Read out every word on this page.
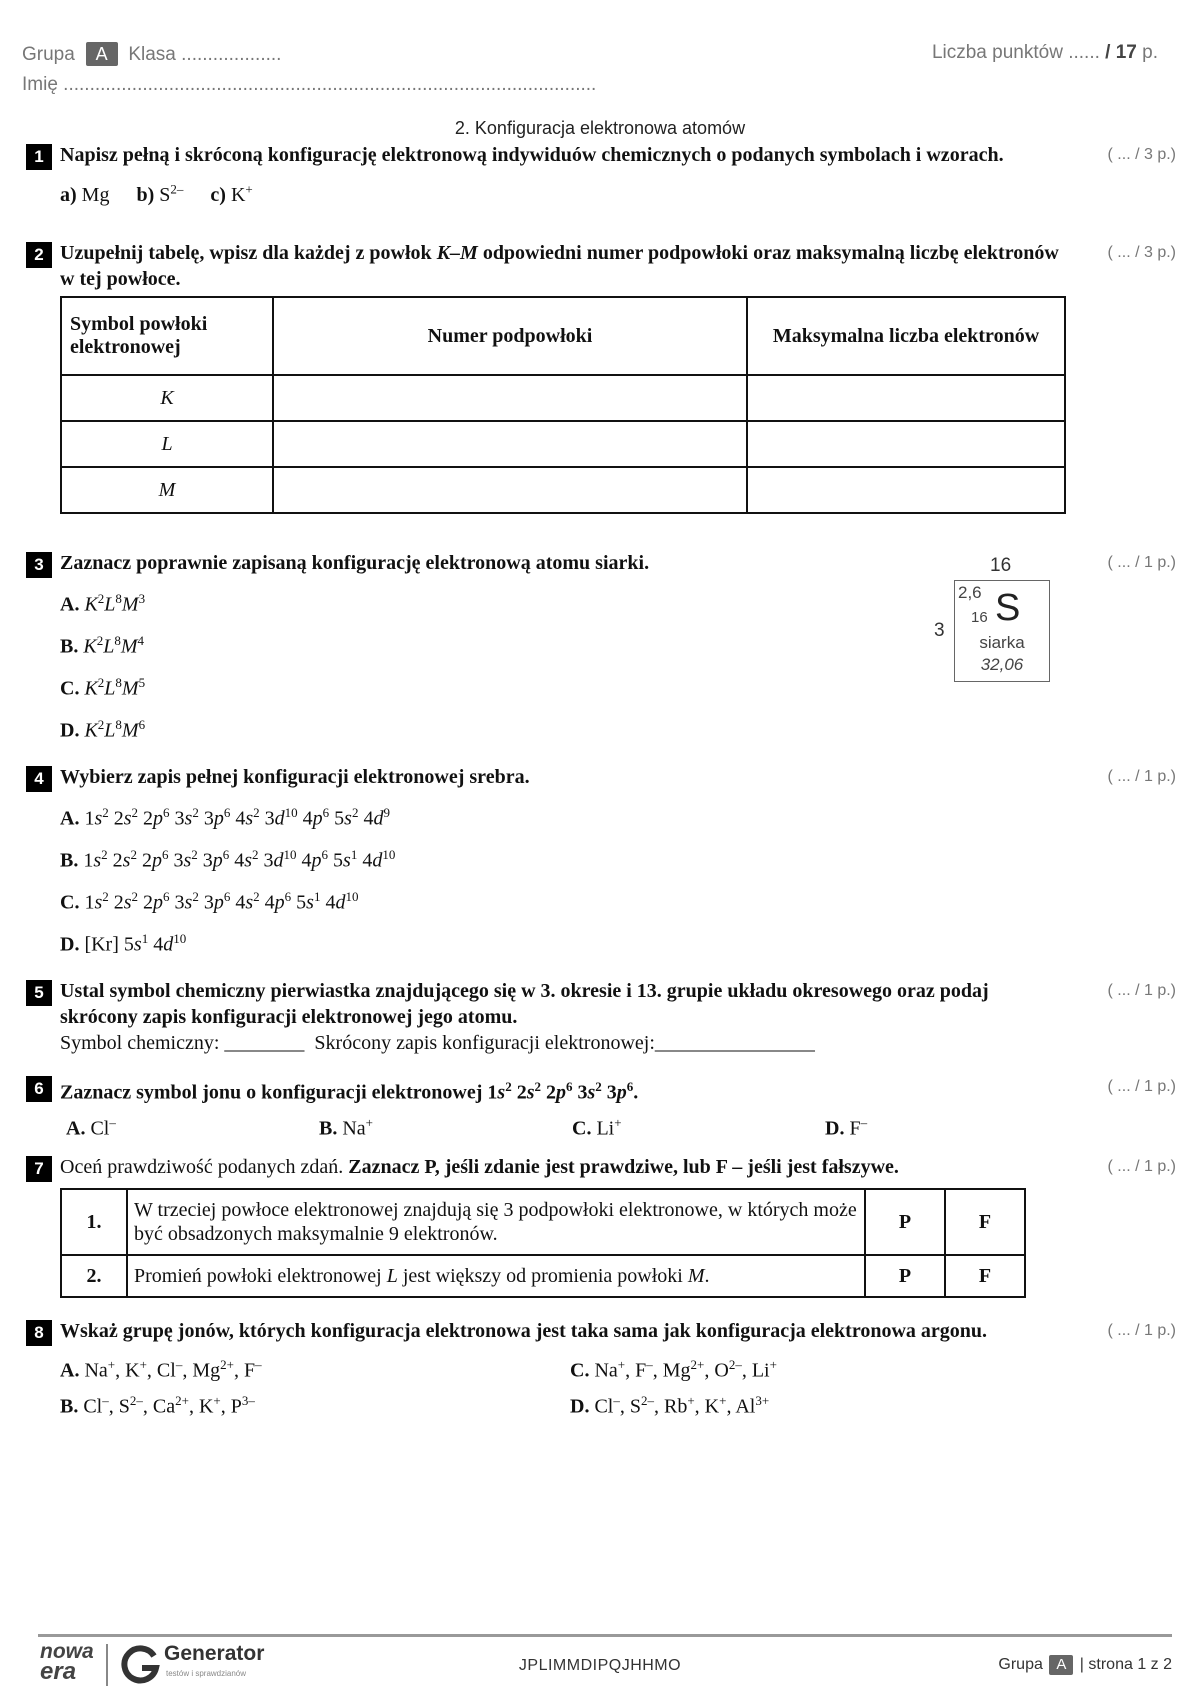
Grupa A Klasa ...................	Liczba punktów ...... / 17 p.
Imię .....................................................................................................
2. Konfiguracja elektronowa atomów
1 Napisz pełną i skróconą konfigurację elektronową indywiduów chemicznych o podanych symbolach i wzorach.	( ... / 3 p.)
a) Mg b) $S^{2-}$ c) K+
2 Uzupełnij tabelę, wpisz dla każdej z powłok K–M odpowiedni numer podpowłoki oraz maksymalną liczbę elektronów w tej powłoce.
( ... / 3 p.)
Symbol powłoki elektronowej	Numer podpowłoki	Maksymalna liczba elektronów
K		
L		
M		
3 Zaznacz poprawnie zapisaną konfigurację elektronową atomu siarki.	( ... / 1 p.)
A. $K^2L^8M^3$
B. $K^2L^8M^4$
C. $K^2L^8M^5$
D. $K^2L^8M^6$
16
3
2,6
16 S
siarka
32,06
4 Wybierz zapis pełnej konfiguracji elektronowej srebra.	( ... / 1 p.)
A. $1s^2$ $2s^2$ $2p^6$ $3s^2$ $3p^6$ $4s^2$ $3d^{10}$ $4p^6$ $5s^2$ $4d^9$
B. $1s^2$ $2s^2$ $2p^6$ $3s^2$ $3p^6$ $4s^2$ $3d^{10}$ $4p^6$ $5s^1$ $4d^{10}$
C. $1s^2$ $2s^2$ $2p^6$ $3s^2$ $3p^6$ $4s^2$ $4p^6$ $5s^1$ $4d^{10}$
D. [Kr] $5s^1$ $4d^{10}$
5 Ustal symbol chemiczny pierwiastka znajdującego się w 3. okresie i 13. grupie układu okresowego oraz podaj skrócony zapis konfiguracji elektronowej jego atomu.
( ... / 1 p.)
Symbol chemiczny: ________ Skrócony zapis konfiguracji elektronowej:________________
6 Zaznacz symbol jonu o konfiguracji elektronowej $1s^2$ $2s^2$ $2p^6$ $3s^2$ $3p^6$.	( ... / 1 p.)
A. Cl–	B. Na+	C. Li+	D. F–
7 Oceń prawdziwość podanych zdań. Zaznacz P, jeśli zdanie jest prawdziwe, lub F – jeśli jest fałszywe.	( ... / 1 p.)
1.	W trzeciej powłoce elektronowej znajdują się 3 podpowłoki elektronowe, w których może być obsadzonych maksymalnie 9 elektronów.	P	F
2.	Promień powłoki elektronowej L jest większy od promienia powłoki M.	P	F
8 Wskaż grupę jonów, których konfiguracja elektronowa jest taka sama jak konfiguracja elektronowa argonu.	( ... / 1 p.)
A. Na+, K+, Cl–, $Mg^{2+}$, F–	C. Na+, F–, $Mg^{2+}$, $O^{2-}$, Li+
B. Cl–, $S^{2-}$, $Ca^{2+}$, K+, $P^{3-}$	D. Cl–, $S^{2-}$, Rb+, K+, $Al^{3+}$
nowa
era
Generator
testów i sprawdzianów	JPLIMMDIPQJHHMO	Grupa A | strona 1 z 2
